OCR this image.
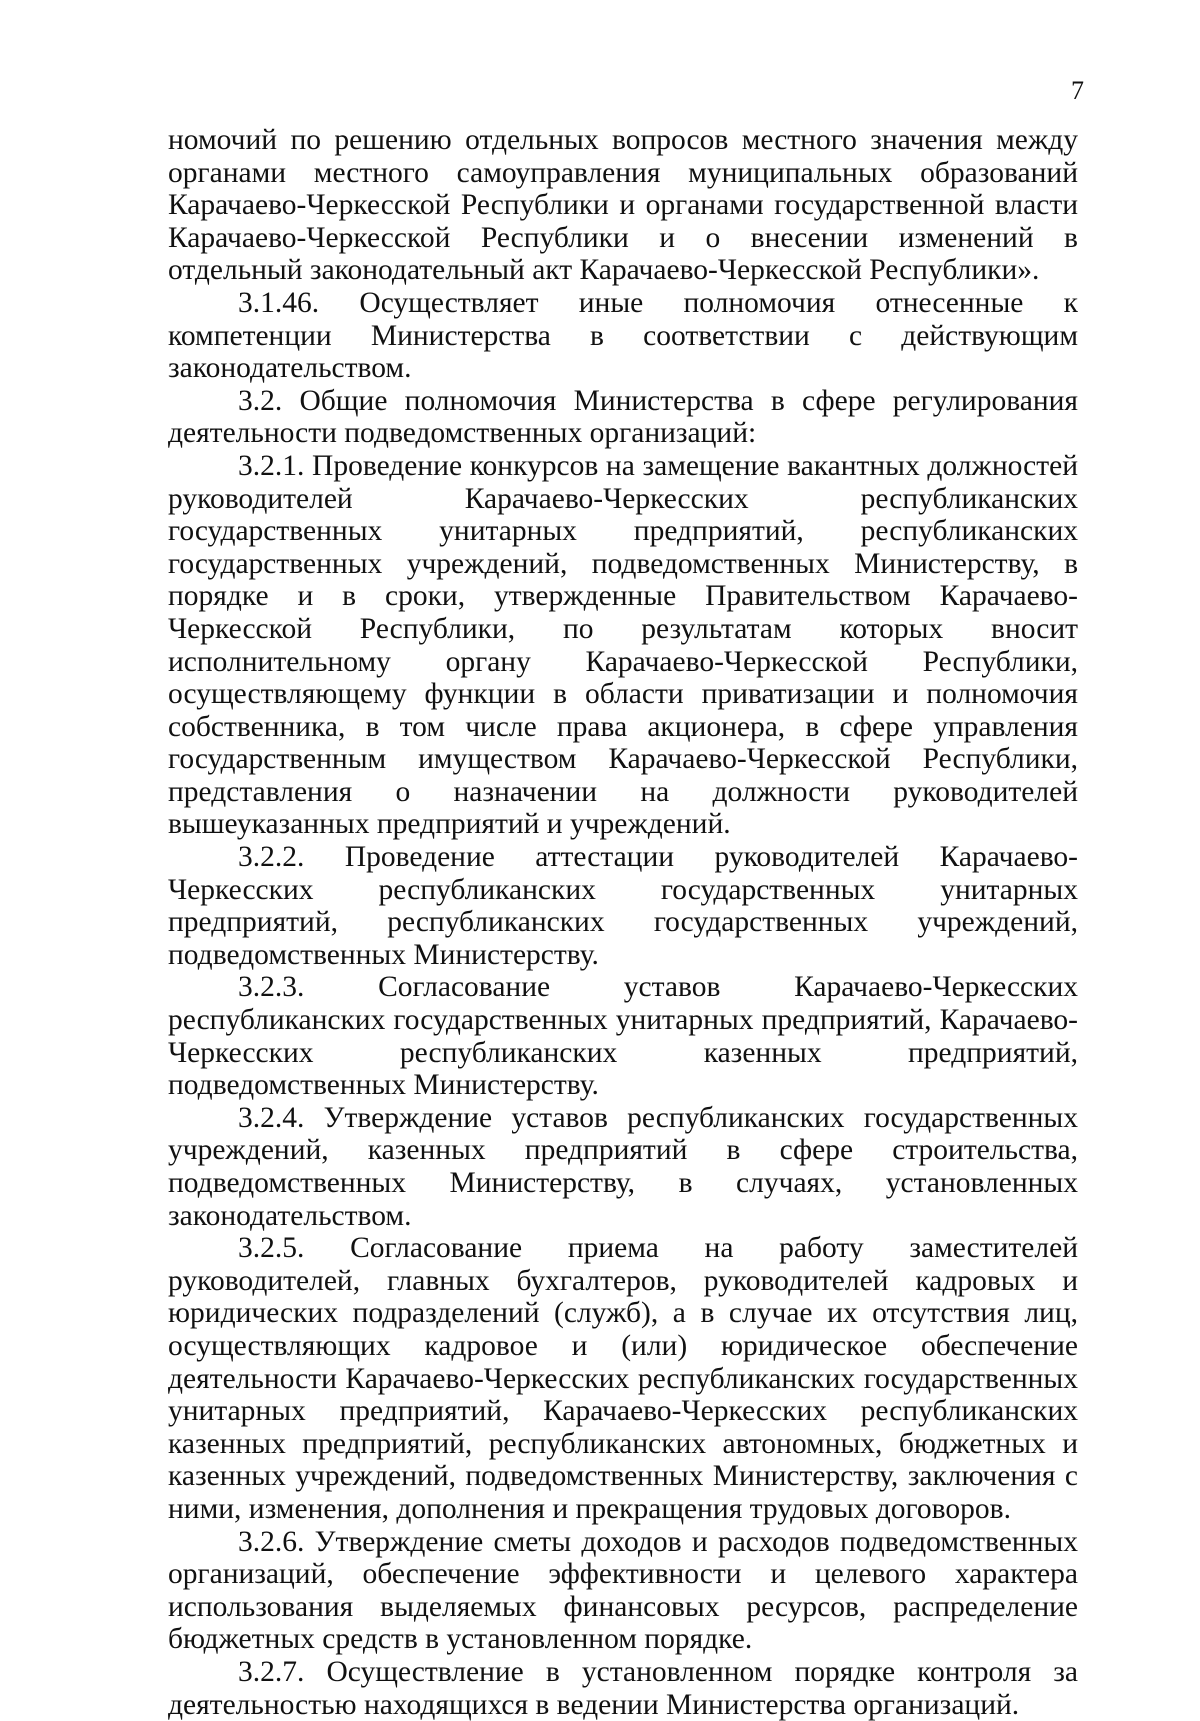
7

номочий по решению отдельных вопросов местного значения между органами местного самоуправления муниципальных образований Карачаево-Черкесской Республики и органами государственной власти Карачаево-Черкесской Республики и о внесении изменений в отдельный законодательный акт Карачаево-Черкесской Республики».

3.1.46. Осуществляет иные полномочия отнесенные к компетенции Министерства в соответствии с действующим законодательством.

3.2. Общие полномочия Министерства в сфере регулирования деятельности подведомственных организаций:

3.2.1. Проведение конкурсов на замещение вакантных должностей руководителей Карачаево-Черкесских республиканских государственных унитарных предприятий, республиканских государственных учреждений, подведомственных Министерству, в порядке и в сроки, утвержденные Правительством Карачаево-Черкесской Республики, по результатам которых вносит исполнительному органу Карачаево-Черкесской Республики, осуществляющему функции в области приватизации и полномочия собственника, в том числе права акционера, в сфере управления государственным имуществом Карачаево-Черкесской Республики, представления о назначении на должности руководителей вышеуказанных предприятий и учреждений.

3.2.2. Проведение аттестации руководителей Карачаево-Черкесских республиканских государственных унитарных предприятий, республиканских государственных учреждений, подведомственных Министерству.

3.2.3. Согласование уставов Карачаево-Черкесских республиканских государственных унитарных предприятий, Карачаево-Черкесских республиканских казенных предприятий, подведомственных Министерству.

3.2.4. Утверждение уставов республиканских государственных учреждений, казенных предприятий в сфере строительства, подведомственных Министерству, в случаях, установленных законодательством.

3.2.5. Согласование приема на работу заместителей руководителей, главных бухгалтеров, руководителей кадровых и юридических подразделений (служб), а в случае их отсутствия лиц, осуществляющих кадровое и (или) юридическое обеспечение деятельности Карачаево-Черкесских республиканских государственных унитарных предприятий, Карачаево-Черкесских республиканских казенных предприятий, республиканских автономных, бюджетных и казенных учреждений, подведомственных Министерству, заключения с ними, изменения, дополнения и прекращения трудовых договоров.

3.2.6. Утверждение сметы доходов и расходов подведомственных организаций, обеспечение эффективности и целевого характера использования выделяемых финансовых ресурсов, распределение бюджетных средств в установленном порядке.

3.2.7. Осуществление в установленном порядке контроля за деятельностью находящихся в ведении Министерства организаций.
